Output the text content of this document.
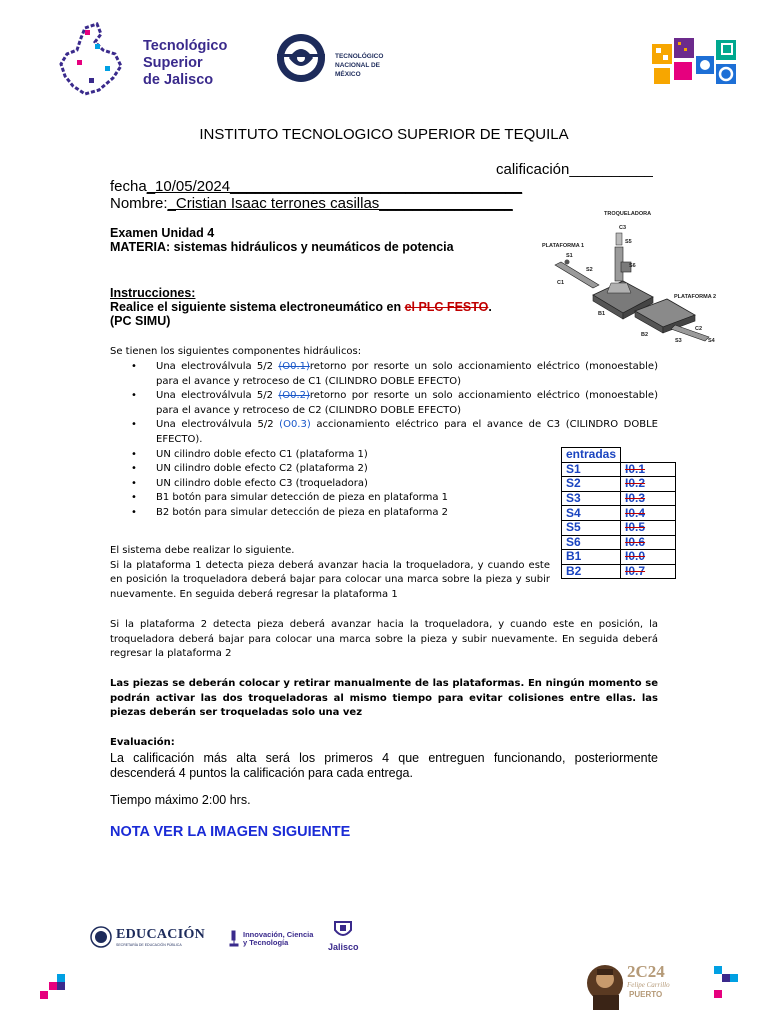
Tecnológico
Superior
de Jalisco
TECNOLÓGICO
NACIONAL DE MÉXICO
INSTITUTO TECNOLOGICO SUPERIOR DE TEQUILA
calificación__________
fecha_10/05/2024___________________________________
Nombre:_Cristian Isaac terrones casillas________________
Examen Unidad 4
MATERIA: sistemas hidráulicos y neumáticos de potencia
Instrucciones:
Realice el siguiente sistema electroneumático en el PLC FESTO.
(PC SIMU)
TROQUELADORA
C3
S5
S6
PLATAFORMA 1
S1
S2
C1
B1
PLATAFORMA 2
C2
B2
S3	S4
Se tienen los siguientes componentes hidráulicos:
• Una electroválvula 5/2 (O0.1)retorno por resorte un solo accionamiento eléctrico (monoestable) para el avance y retroceso de C1 (CILINDRO DOBLE EFECTO)
• Una electroválvula 5/2 (O0.2)retorno por resorte un solo accionamiento eléctrico (monoestable) para el avance y retroceso de C2 (CILINDRO DOBLE EFECTO)
• Una electroválvula 5/2 (O0.3) accionamiento eléctrico para el avance de C3 (CILINDRO DOBLE EFECTO).
• UN cilindro doble efecto C1 (plataforma 1)
• UN cilindro doble efecto C2 (plataforma 2)
• UN cilindro doble efecto C3 (troqueladora)
• B1 botón para simular detección de pieza en plataforma 1
• B2 botón para simular detección de pieza en plataforma 2
entradas	
S1	I0.1
S2	I0.2
S3	I0.3
S4	I0.4
S5	I0.5
S6	I0.6
B1	I0.0
B2	I0.7
El sistema debe realizar lo siguiente.
Si la plataforma 1 detecta pieza deberá avanzar hacia la troqueladora, y cuando este en posición la troqueladora deberá bajar para colocar una marca sobre la pieza y subir nuevamente. En seguida deberá regresar la plataforma 1
Si la plataforma 2 detecta pieza deberá avanzar hacia la troqueladora, y cuando este en posición, la troqueladora deberá bajar para colocar una marca sobre la pieza y subir nuevamente. En seguida deberá regresar la plataforma 2
Las piezas se deberán colocar y retirar manualmente de las plataformas. En ningún momento se podrán activar las dos troqueladoras al mismo tiempo para evitar colisiones entre ellas. las piezas deberán ser troqueladas solo una vez
Evaluación:
La calificación más alta será los primeros 4 que entreguen funcionando, posteriormente descenderá 4 puntos la calificación para cada entrega.
Tiempo máximo 2:00 hrs.
NOTA VER LA IMAGEN SIGUIENTE
EDUCACIÓN
SECRETARÍA DE EDUCACIÓN PÚBLICA
Innovación, Ciencia
y Tecnología	Jalisco
2C24
Felipe Carrillo
PUERTO
